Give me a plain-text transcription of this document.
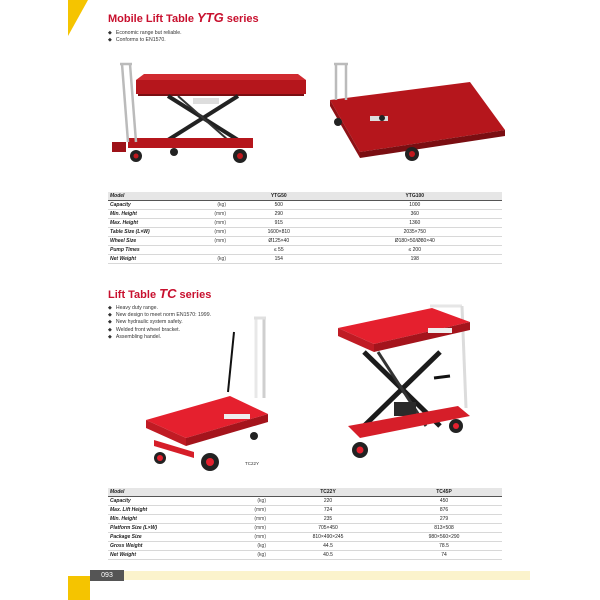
Mobile Lift Table YTG series
◆ Economic range but reliable.
◆ Conforms to EN1570.
Model		YTG50	YTG100
Capacity	(kg)	500	1000
Min. Height	(mm)	290	360
Max. Height	(mm)	915	1360
Table Size (L×W)	(mm)	1600×810	2035×750
Wheel Size	(mm)	Ø125×40	Ø180×50/Ø80×40
Pump Times		≤ 55	≤ 200
Net Weight	(kg)	154	198
Lift Table TC series
◆ Heavy duty range.
◆ New design to meet norm EN1570: 1999.
◆ New hydraulic system safety.
◆ Welded front wheel bracket.
◆ Assembling handel.
TC22Y
Model		TC22Y	TC45P
Capacity	(kg)	220	450
Max. Lift Height	(mm)	724	876
Min. Height	(mm)	235	279
Platform Size (L×W)	(mm)	705×450	813×508
Package Size	(mm)	810×490×245	980×560×290
Gross Weight	(kg)	44.5	78.5
Net Weight	(kg)	40.5	74
093
